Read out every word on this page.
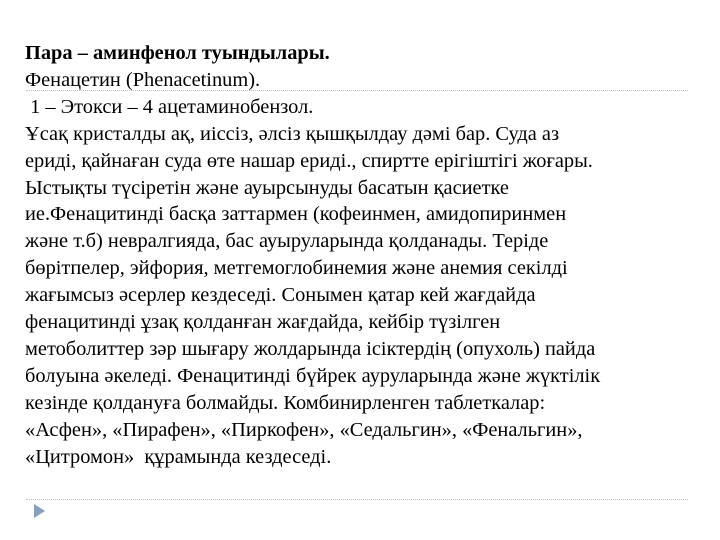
Пара – аминфенол туындылары.
Фенацетин (Phenacetinum).
1 – Этокси – 4 ацетаминобензол.
Ұсақ кристалды ақ, иіссіз, әлсіз қышқылдау дәмі бар. Суда аз
ериді, қайнаған суда өте нашар ериді., спиртте ерігіштігі жоғары.
Ыстықты түсіретін және ауырсынуды басатын қасиетке
ие.Фенацитинді басқа заттармен (кофеинмен, амидопиринмен
және т.б) невралгияда, бас ауыруларында қолданады. Теріде
бөрітпелер, эйфория, метгемоглобинемия және анемия секілді
жағымсыз әсерлер кездеседі. Сонымен қатар кей жағдайда
фенацитинді ұзақ қолданған жағдайда, кейбір түзілген
метоболиттер зәр шығару жолдарында ісіктердің (опухоль) пайда
болуына әкеледі. Фенацитинді бүйрек ауруларында және жүктілік
кезінде қолдануға болмайды. Комбинирленген таблеткалар:
«Асфен», «Пирафен», «Пиркофен», «Седальгин», «Фенальгин»,
«Цитромон»  құрамында кездеседі.
